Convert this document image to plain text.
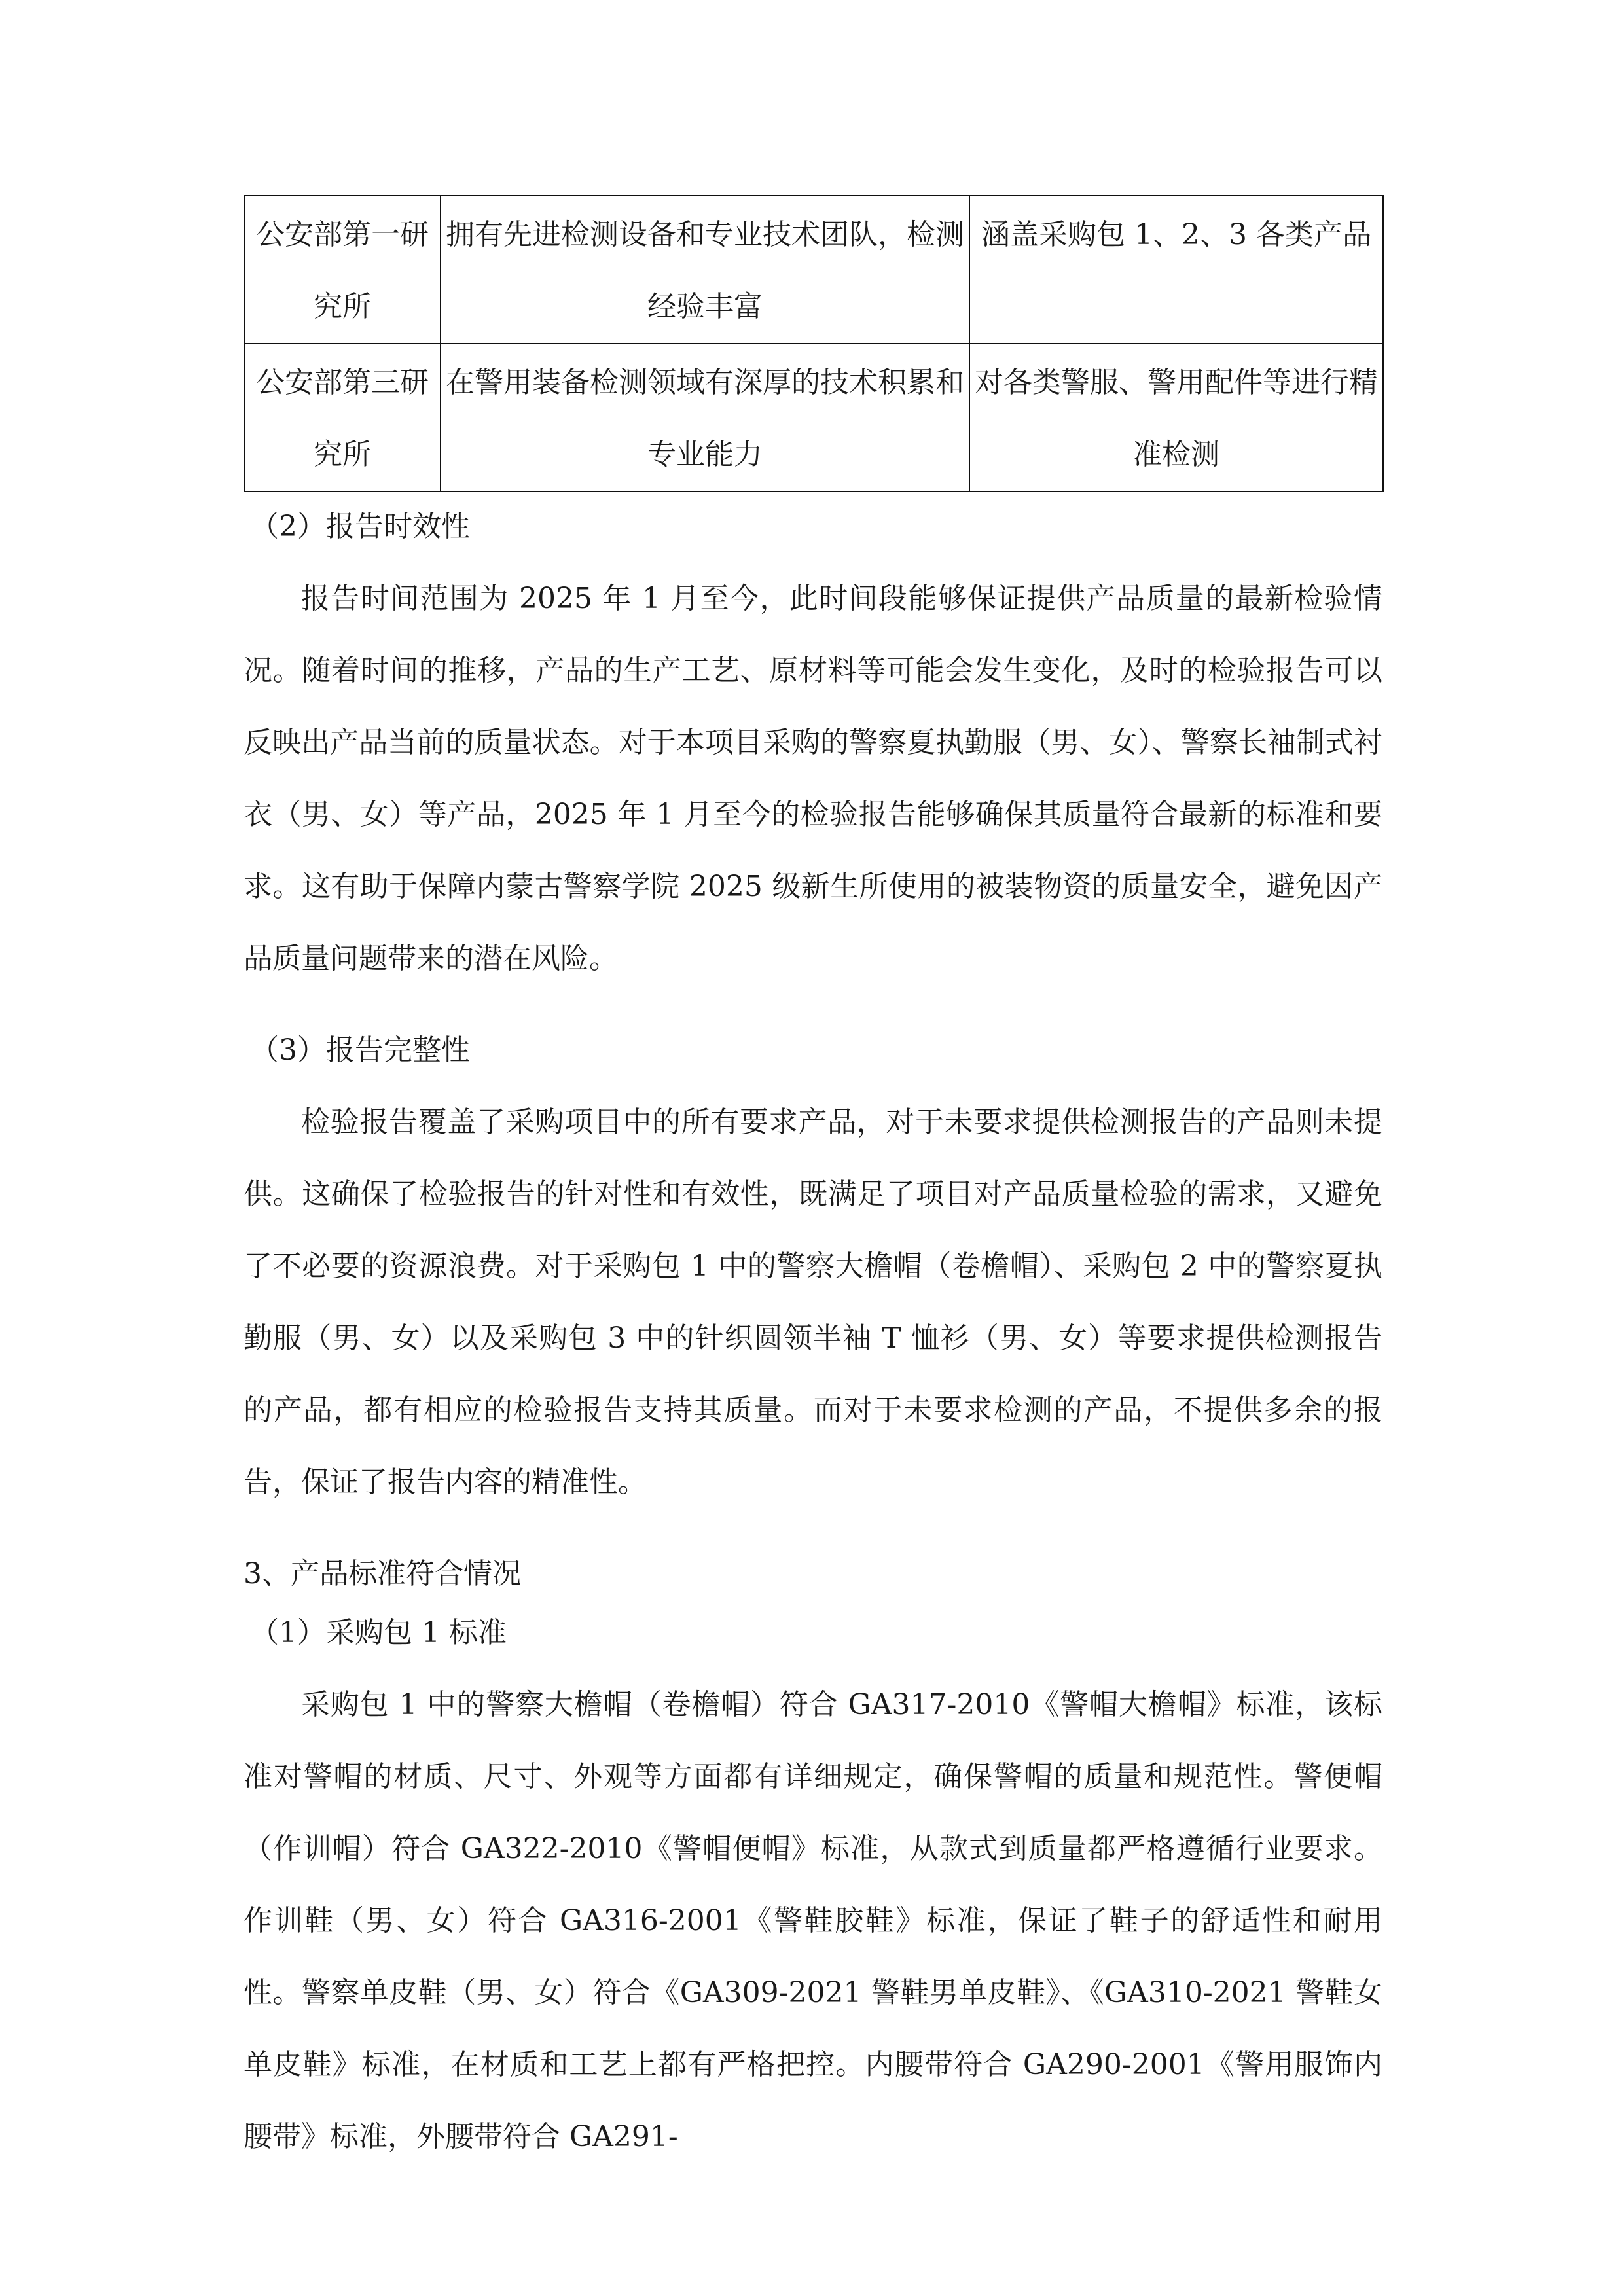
公安部第一研究所	拥有先进检测设备和专业技术团队，检测经验丰富	涵盖采购包 1、2、3 各类产品
公安部第三研究所	在警用装备检测领域有深厚的技术积累和专业能力	对各类警服、警用配件等进行精准检测

（2）报告时效性

报告时间范围为 2025 年 1 月至今，此时间段能够保证提供产品质量的最新检验情况。随着时间的推移，产品的生产工艺、原材料等可能会发生变化，及时的检验报告可以反映出产品当前的质量状态。对于本项目采购的警察夏执勤服（男、女）、警察长袖制式衬衣（男、女）等产品，2025 年 1 月至今的检验报告能够确保其质量符合最新的标准和要求。这有助于保障内蒙古警察学院 2025 级新生所使用的被装物资的质量安全，避免因产品质量问题带来的潜在风险。

（3）报告完整性

检验报告覆盖了采购项目中的所有要求产品，对于未要求提供检测报告的产品则未提供。这确保了检验报告的针对性和有效性，既满足了项目对产品质量检验的需求，又避免了不必要的资源浪费。对于采购包 1 中的警察大檐帽（卷檐帽）、采购包 2 中的警察夏执勤服（男、女）以及采购包 3 中的针织圆领半袖 T 恤衫（男、女）等要求提供检测报告的产品，都有相应的检验报告支持其质量。而对于未要求检测的产品，不提供多余的报告，保证了报告内容的精准性。

3、产品标准符合情况

（1）采购包 1 标准

采购包 1 中的警察大檐帽（卷檐帽）符合 GA317-2010《警帽大檐帽》标准，该标准对警帽的材质、尺寸、外观等方面都有详细规定，确保警帽的质量和规范性。警便帽（作训帽）符合 GA322-2010《警帽便帽》标准，从款式到质量都严格遵循行业要求。作训鞋（男、女）符合 GA316-2001《警鞋胶鞋》标准，保证了鞋子的舒适性和耐用性。警察单皮鞋（男、女）符合《GA309-2021 警鞋男单皮鞋》、《GA310-2021 警鞋女单皮鞋》标准，在材质和工艺上都有严格把控。内腰带符合 GA290-2001《警用服饰内腰带》标准，外腰带符合 GA291-
